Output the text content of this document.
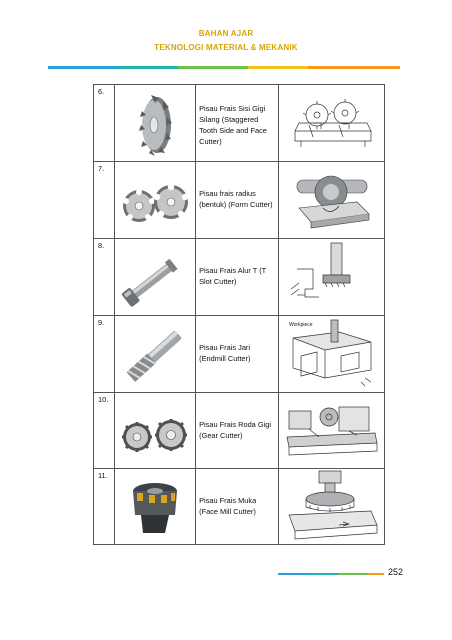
BAHAN AJAR
TEKNOLOGI MATERIAL & MEKANIK
6.		Pisau Frais Sisi Gigi Silang (Staggered Tooth Side and Face Cutter)

7.		Pisau frais radius (bentuk) (Form Cutter)

8.		Pisau Frais Alur T (T Slot Cutter)

9.		Pisau Frais Jari (Endmill Cutter)	Workpiece

10.		Pisau Frais Roda Gigi (Gear Cutter)

11.		Pisau Frais Muka (Face Mill Cutter)

252
